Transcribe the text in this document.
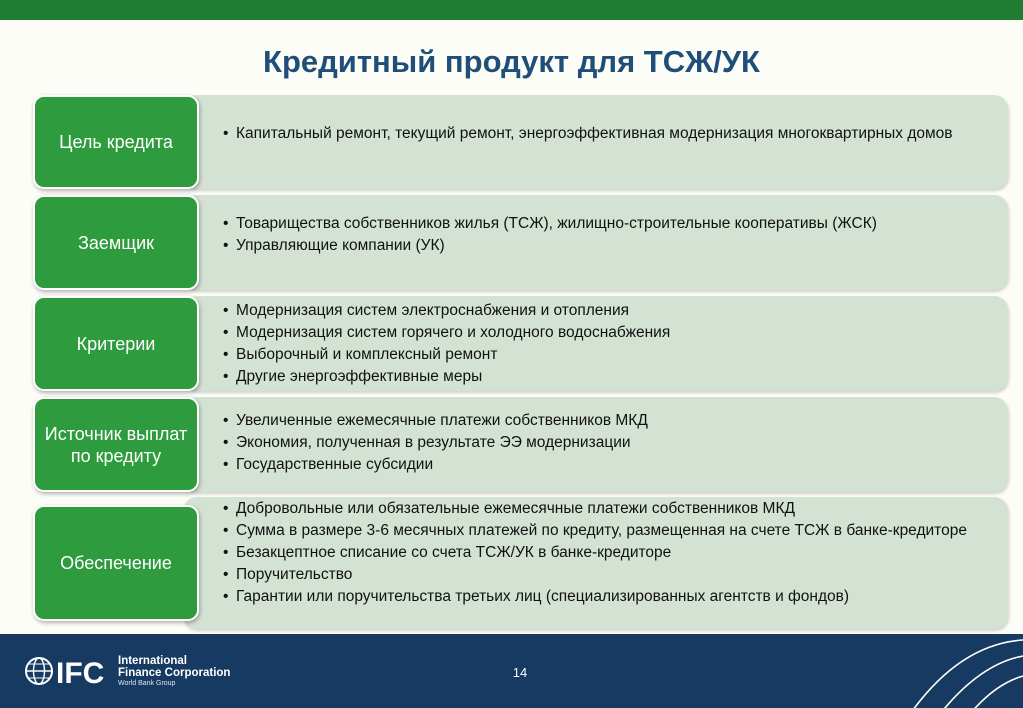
Кредитный продукт для ТСЖ/УК
Цель кредита
•	Капитальный ремонт, текущий ремонт, энергоэффективная модернизация многоквартирных домов
Заемщик
• Товарищества собственников жилья (ТСЖ), жилищно-строительные кооперативы (ЖСК)
• Управляющие компании (УК)
Критерии
• Модернизация систем электроснабжения и отопления
• Модернизация систем горячего и холодного водоснабжения
• Выборочный и комплексный ремонт
• Другие энергоэффективные меры
Источник выплат по кредиту
• Увеличенные ежемесячные платежи собственников МКД
• Экономия, полученная в результате ЭЭ модернизации
• Государственные субсидии
Обеспечение
• Добровольные или обязательные ежемесячные платежи собственников МКД
• Сумма в размере 3-6 месячных платежей по кредиту, размещенная на счете ТСЖ в банке-кредиторе
• Безакцептное списание со счета ТСЖ/УК в банке-кредиторе
• Поручительство
• Гарантии или поручительства третьих лиц (специализированных агентств и фондов)
IFC International
Finance Corporation
World Bank Group
14
